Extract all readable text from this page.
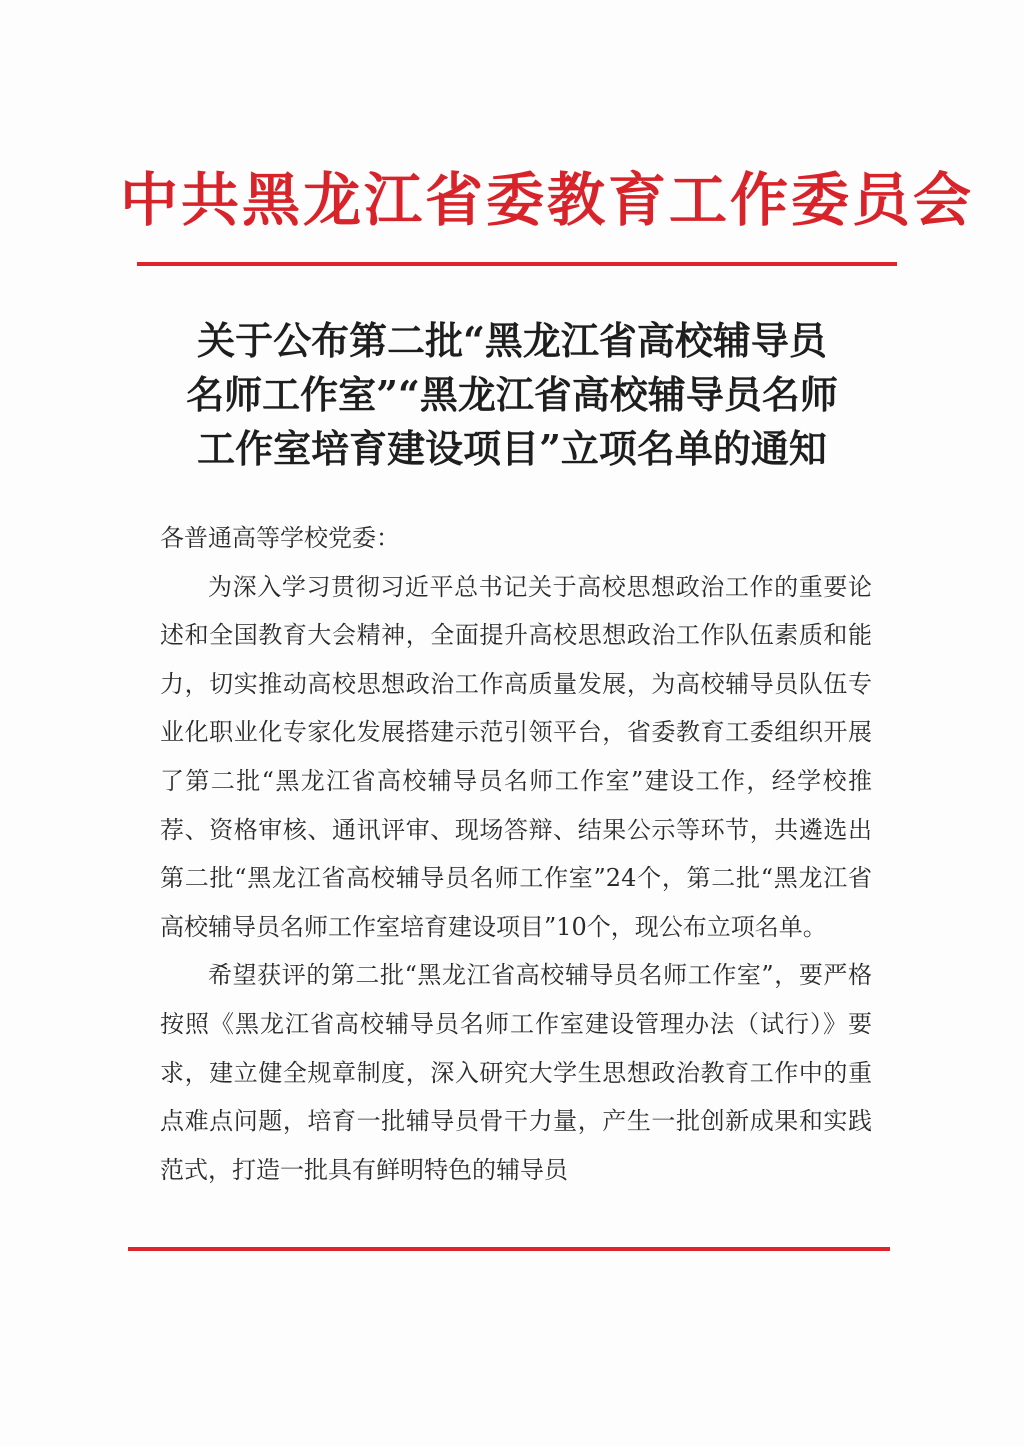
中共黑龙江省委教育工作委员会
关于公布第二批“黑龙江省高校辅导员
名师工作室”“黑龙江省高校辅导员名师
工作室培育建设项目”立项名单的通知

各普通高等学校党委：

为深入学习贯彻习近平总书记关于高校思想政治工作的重要论述和全国教育大会精神，全面提升高校思想政治工作队伍素质和能力，切实推动高校思想政治工作高质量发展，为高校辅导员队伍专业化职业化专家化发展搭建示范引领平台，省委教育工委组织开展了第二批“黑龙江省高校辅导员名师工作室”建设工作，经学校推荐、资格审核、通讯评审、现场答辩、结果公示等环节，共遴选出第二批“黑龙江省高校辅导员名师工作室”24个，第二批“黑龙江省高校辅导员名师工作室培育建设项目”10个，现公布立项名单。

希望获评的第二批“黑龙江省高校辅导员名师工作室”，要严格按照《黑龙江省高校辅导员名师工作室建设管理办法（试行）》要求，建立健全规章制度，深入研究大学生思想政治教育工作中的重点难点问题，培育一批辅导员骨干力量，产生一批创新成果和实践范式，打造一批具有鲜明特色的辅导员
